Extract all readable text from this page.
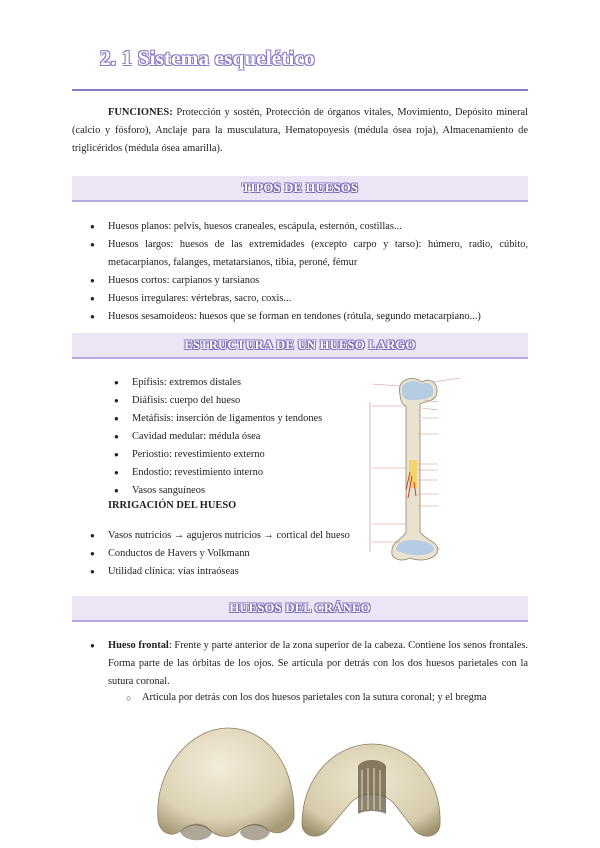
2. 1 Sistema esquelético

FUNCIONES: Protección y sostén, Protección de órganos vitales, Movimiento, Depósito mineral (calcio y fósforo), Anclaje para la musculatura, Hematopoyesis (médula ósea roja), Almacenamiento de triglicéridos (médula ósea amarilla).

TIPOS DE HUESOS
● Huesos planos: pelvis, huesos craneales, escápula, esternón, costillas...
● Huesos largos: huesos de las extremidades (excepto carpo y tarso): húmero, radio, cúbito, metacarpianos, falanges, metatarsianos, tibia, peroné, fémur
● Huesos cortos: carpianos y tarsianos
● Huesos irregulares: vértebras, sacro, coxis...
● Huesos sesamoideos: huesos que se forman en tendones (rótula, segundo metacarpiano...)
ESTRUCTURA DE UN HUESO LARGO
● Epífisis: extremos distales
● Diáfisis: cuerpo del hueso
● Metáfisis: inserción de ligamentos y tendones
● Cavidad medular: médula ósea
● Periostio: revestimiento externo
● Endostio: revestimiento interno
● Vasos sanguíneos
IRRIGACIÓN DEL HUESO
● Vasos nutricios → agujeros nutricios → cortical del hueso
● Conductos de Havers y Volkmann
● Utilidad clínica: vías intraóseas
HUESOS DEL CRÁNEO
● Hueso frontal: Frente y parte anterior de la zona superior de la cabeza. Contiene los senos frontales. Forma parte de las órbitas de los ojos. Se articula por detrás con los dos huesos parietales con la sutura coronal.
○ Articula por detrás con los dos huesos parietales con la sutura coronal; y el bregma
